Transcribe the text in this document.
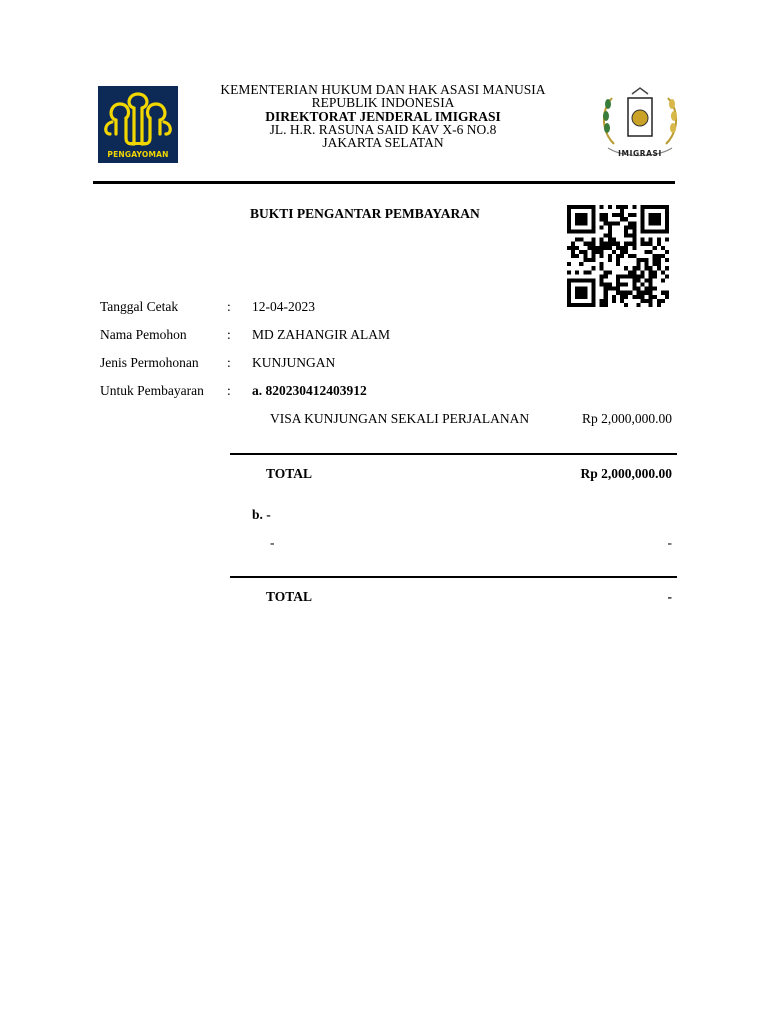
PENGAYOMAN	IMIGRASI
KEMENTERIAN HUKUM DAN HAK ASASI MANUSIA
REPUBLIK INDONESIA
DIREKTORAT JENDERAL IMIGRASI
JL. H.R. RASUNA SAID KAV X-6 NO.8
JAKARTA SELATAN
BUKTI PENGANTAR PEMBAYARAN
Tanggal Cetak	: 12-04-2023
Nama Pemohon	: MD ZAHANGIR ALAM
Jenis Permohonan : KUNJUNGAN
Untuk Pembayaran : a. 820230412403912
VISA KUNJUNGAN SEKALI PERJALANAN	Rp 2,000,000.00
TOTAL	Rp 2,000,000.00
b. -
-	-
TOTAL	-
